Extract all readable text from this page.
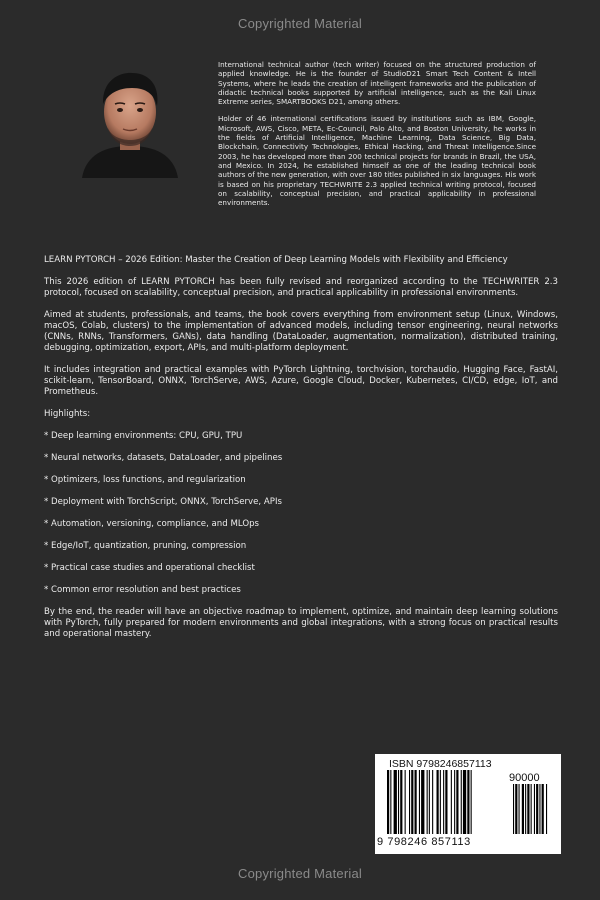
Copyrighted Material

International technical author (tech writer) focused on the structured production of applied knowledge. He is the founder of StudioD21 Smart Tech Content & Intell Systems, where he leads the creation of intelligent frameworks and the publication of didactic technical books supported by artificial intelligence, such as the Kali Linux Extreme series, SMARTBOOKS D21, among others.

Holder of 46 international certifications issued by institutions such as IBM, Google, Microsoft, AWS, Cisco, META, Ec-Council, Palo Alto, and Boston University, he works in the fields of Artificial Intelligence, Machine Learning, Data Science, Big Data, Blockchain, Connectivity Technologies, Ethical Hacking, and Threat Intelligence.Since 2003, he has developed more than 200 technical projects for brands in Brazil, the USA, and Mexico. In 2024, he established himself as one of the leading technical book authors of the new generation, with over 180 titles published in six languages. His work is based on his proprietary TECHWRITE 2.3 applied technical writing protocol, focused on scalability, conceptual precision, and practical applicability in professional environments.

LEARN PYTORCH – 2026 Edition: Master the Creation of Deep Learning Models with Flexibility and Efficiency

This 2026 edition of LEARN PYTORCH has been fully revised and reorganized according to the TECHWRITER 2.3 protocol, focused on scalability, conceptual precision, and practical applicability in professional environments.

Aimed at students, professionals, and teams, the book covers everything from environment setup (Linux, Windows, macOS, Colab, clusters) to the implementation of advanced models, including tensor engineering, neural networks (CNNs, RNNs, Transformers, GANs), data handling (DataLoader, augmentation, normalization), distributed training, debugging, optimization, export, APIs, and multi-platform deployment.

It includes integration and practical examples with PyTorch Lightning, torchvision, torchaudio, Hugging Face, FastAI, scikit-learn, TensorBoard, ONNX, TorchServe, AWS, Azure, Google Cloud, Docker, Kubernetes, CI/CD, edge, IoT, and Prometheus.

Highlights:

* Deep learning environments: CPU, GPU, TPU

* Neural networks, datasets, DataLoader, and pipelines

* Optimizers, loss functions, and regularization

* Deployment with TorchScript, ONNX, TorchServe, APIs

* Automation, versioning, compliance, and MLOps

* Edge/IoT, quantization, pruning, compression

* Practical case studies and operational checklist

* Common error resolution and best practices

By the end, the reader will have an objective roadmap to implement, optimize, and maintain deep learning solutions with PyTorch, fully prepared for modern environments and global integrations, with a strong focus on practical results and operational mastery.

ISBN 9798246857113
90000
9 798246 857113
Copyrighted Material
